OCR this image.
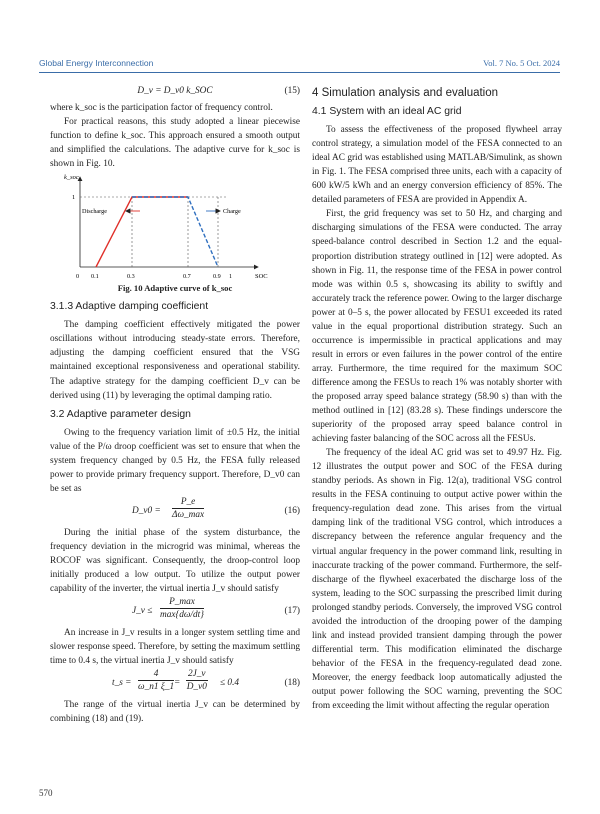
Global Energy Interconnection	Vol. 7 No. 5 Oct. 2024
D_v = D_v0 k_SOC	(15)

where k_soc is the participation factor of frequency control.

For practical reasons, this study adopted a linear piecewise function to define k_soc. This approach ensured a smooth output and simplified the calculations. The adaptive curve for k_soc is shown in Fig. 10.

k_soc
SOC
1
Discharge	Charge
0 0.1	0.3	0.7	0.9 1
Fig. 10 Adaptive curve of k_soc
3.1.3 Adaptive damping coefficient

The damping coefficient effectively mitigated the power oscillations without introducing steady-state errors. Therefore, adjusting the damping coefficient ensured that the VSG maintained exceptional responsiveness and operational stability. The adaptive strategy for the damping coefficient D_v can be derived using (11) by leveraging the optimal damping ratio.

3.2 Adaptive parameter design

Owing to the frequency variation limit of ±0.5 Hz, the initial value of the P/ω droop coefficient was set to ensure that when the system frequency changed by 0.5 Hz, the FESA fully released power to provide primary frequency support. Therefore, D_v0 can be set as

D_v0 =
P_e
Δω_max	(16)

During the initial phase of the system disturbance, the frequency deviation in the microgrid was minimal, whereas the ROCOF was significant. Consequently, the droop-control loop initially produced a low output. To utilize the output power capability of the inverter, the virtual inertia J_v should satisfy

J_v ≤
P_max
max{dω/dt}	(17)

An increase in J_v results in a longer system settling time and slower response speed. Therefore, by setting the maximum settling time to 0.4 s, the virtual inertia J_v should satisfy

t_s = $\frac{4}{\omega\_n1 \xi\_1} = \frac{2J\_v}{D\_v0} \le 0.4$	(18)

The range of the virtual inertia J_v can be determined by combining (18) and (19).

4 Simulation analysis and evaluation
4.1 System with an ideal AC grid

To assess the effectiveness of the proposed flywheel array control strategy, a simulation model of the FESA connected to an ideal AC grid was established using MATLAB/Simulink, as shown in Fig. 1. The FESA comprised three units, each with a capacity of 600 kW/5 kWh and an energy conversion efficiency of 85%. The detailed parameters of FESA are provided in Appendix A.

First, the grid frequency was set to 50 Hz, and charging and discharging simulations of the FESA were conducted. The array speed-balance control described in Section 1.2 and the equal-proportion distribution strategy outlined in [12] were adopted. As shown in Fig. 11, the response time of the FESA in power control mode was within 0.5 s, showcasing its ability to swiftly and accurately track the reference power. Owing to the larger discharge power at 0–5 s, the power allocated by FESU1 exceeded its rated value in the equal proportional distribution strategy. Such an occurrence is impermissible in practical applications and may result in errors or even failures in the power control of the entire array. Furthermore, the time required for the maximum SOC difference among the FESUs to reach 1% was notably shorter with the proposed array speed balance strategy (58.90 s) than with the method outlined in [12] (83.28 s). These findings underscore the superiority of the proposed array speed balance control in achieving faster balancing of the SOC across all the FESUs.

The frequency of the ideal AC grid was set to 49.97 Hz. Fig. 12 illustrates the output power and SOC of the FESA during standby periods. As shown in Fig. 12(a), traditional VSG control results in the FESA continuing to output active power within the frequency-regulation dead zone. This arises from the virtual damping link of the traditional VSG control, which introduces a discrepancy between the reference angular frequency and the virtual angular frequency in the power command link, resulting in inaccurate tracking of the power command. Furthermore, the self-discharge of the flywheel exacerbated the discharge loss of the system, leading to the SOC surpassing the prescribed limit during prolonged standby periods. Conversely, the improved VSG control avoided the introduction of the drooping power of the damping link and instead provided transient damping through the power differential term. This modification eliminated the discharge behavior of the FESA in the frequency-regulated dead zone. Moreover, the energy feedback loop automatically adjusted the output power following the SOC warning, preventing the SOC from exceeding the limit without affecting the regular operation

570
